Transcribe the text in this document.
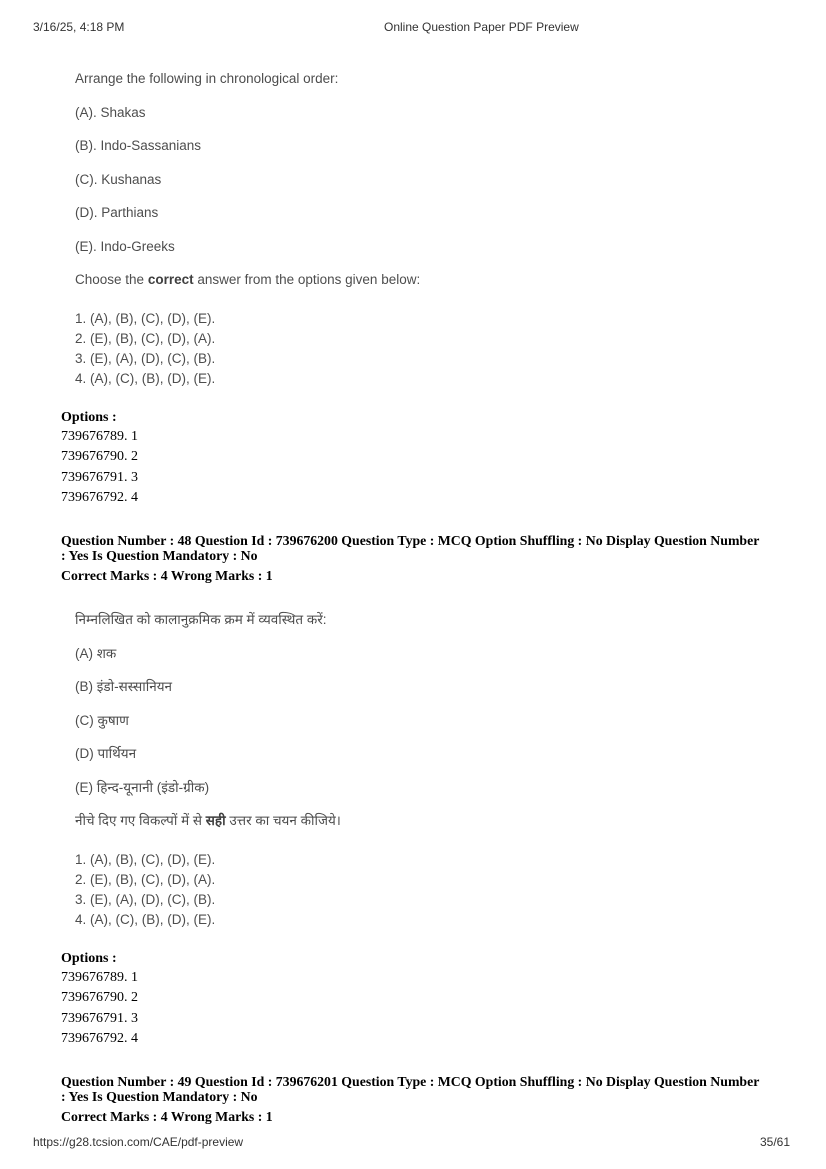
3/16/25, 4:18 PM	Online Question Paper PDF Preview

Arrange the following in chronological order:

(A). Shakas

(B). Indo-Sassanians

(C). Kushanas

(D). Parthians

(E). Indo-Greeks

Choose the correct answer from the options given below:

1. (A), (B), (C), (D), (E).

2. (E), (B), (C), (D), (A).

3. (E), (A), (D), (C), (B).

4. (A), (C), (B), (D), (E).

Options :

739676789. 1

739676790. 2

739676791. 3

739676792. 4

Question Number : 48 Question Id : 739676200 Question Type : MCQ Option Shuffling : No Display Question Number : Yes Is Question Mandatory : No

Correct Marks : 4 Wrong Marks : 1

निम्नलिखित को कालानुक्रमिक क्रम में व्यवस्थित करें:

(A) शक

(B) इंडो-सस्सानियन

(C) कुषाण

(D) पार्थियन

(E) हिन्द-यूनानी (इंडो-ग्रीक)

नीचे दिए गए विकल्पों में से सही उत्तर का चयन कीजिये।

1. (A), (B), (C), (D), (E).

2. (E), (B), (C), (D), (A).

3. (E), (A), (D), (C), (B).

4. (A), (C), (B), (D), (E).

Options :

739676789. 1

739676790. 2

739676791. 3

739676792. 4

Question Number : 49 Question Id : 739676201 Question Type : MCQ Option Shuffling : No Display Question Number : Yes Is Question Mandatory : No

Correct Marks : 4 Wrong Marks : 1

https://g28.tcsion.com/CAE/pdf-preview	35/61
